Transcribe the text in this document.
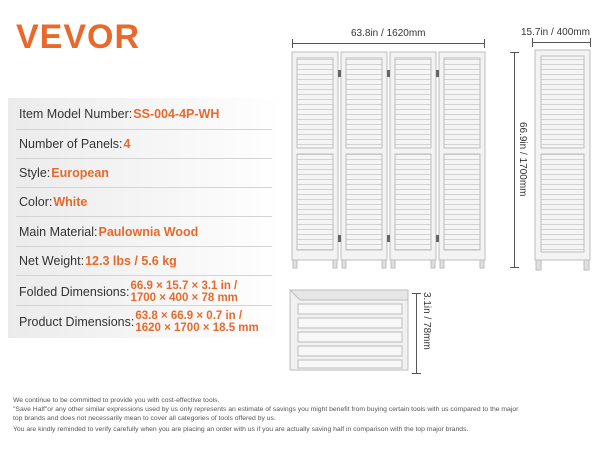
VEVOR
Item Model Number: SS-004-4P-WH
Number of Panels: 4
Style: European
Color: White
Main Material: Paulownia Wood
Net Weight: 12.3 lbs / 5.6 kg
Folded Dimensions: 66.9 × 15.7 × 3.1 in /
1700 × 400 × 78 mm
Product Dimensions: 63.8 × 66.9 × 0.7 in /
1620 × 1700 × 18.5 mm
63.8in / 1620mm	15.7in / 400mm
66.9in / 1700mm
3.1in / 78mm
We continue to be committed to provide you with cost-effective tools.
"Save Half"or any other similar expressions used by us only represents an estimate of savings you might benefit from buying certain tools with us compared to the major
top brands and does not necessarily mean to cover all categories of tools offered by us.
You are kindly reminded to verify carefully when you are placing an order with us if you are actually saving half in comparison with the top major brands.
